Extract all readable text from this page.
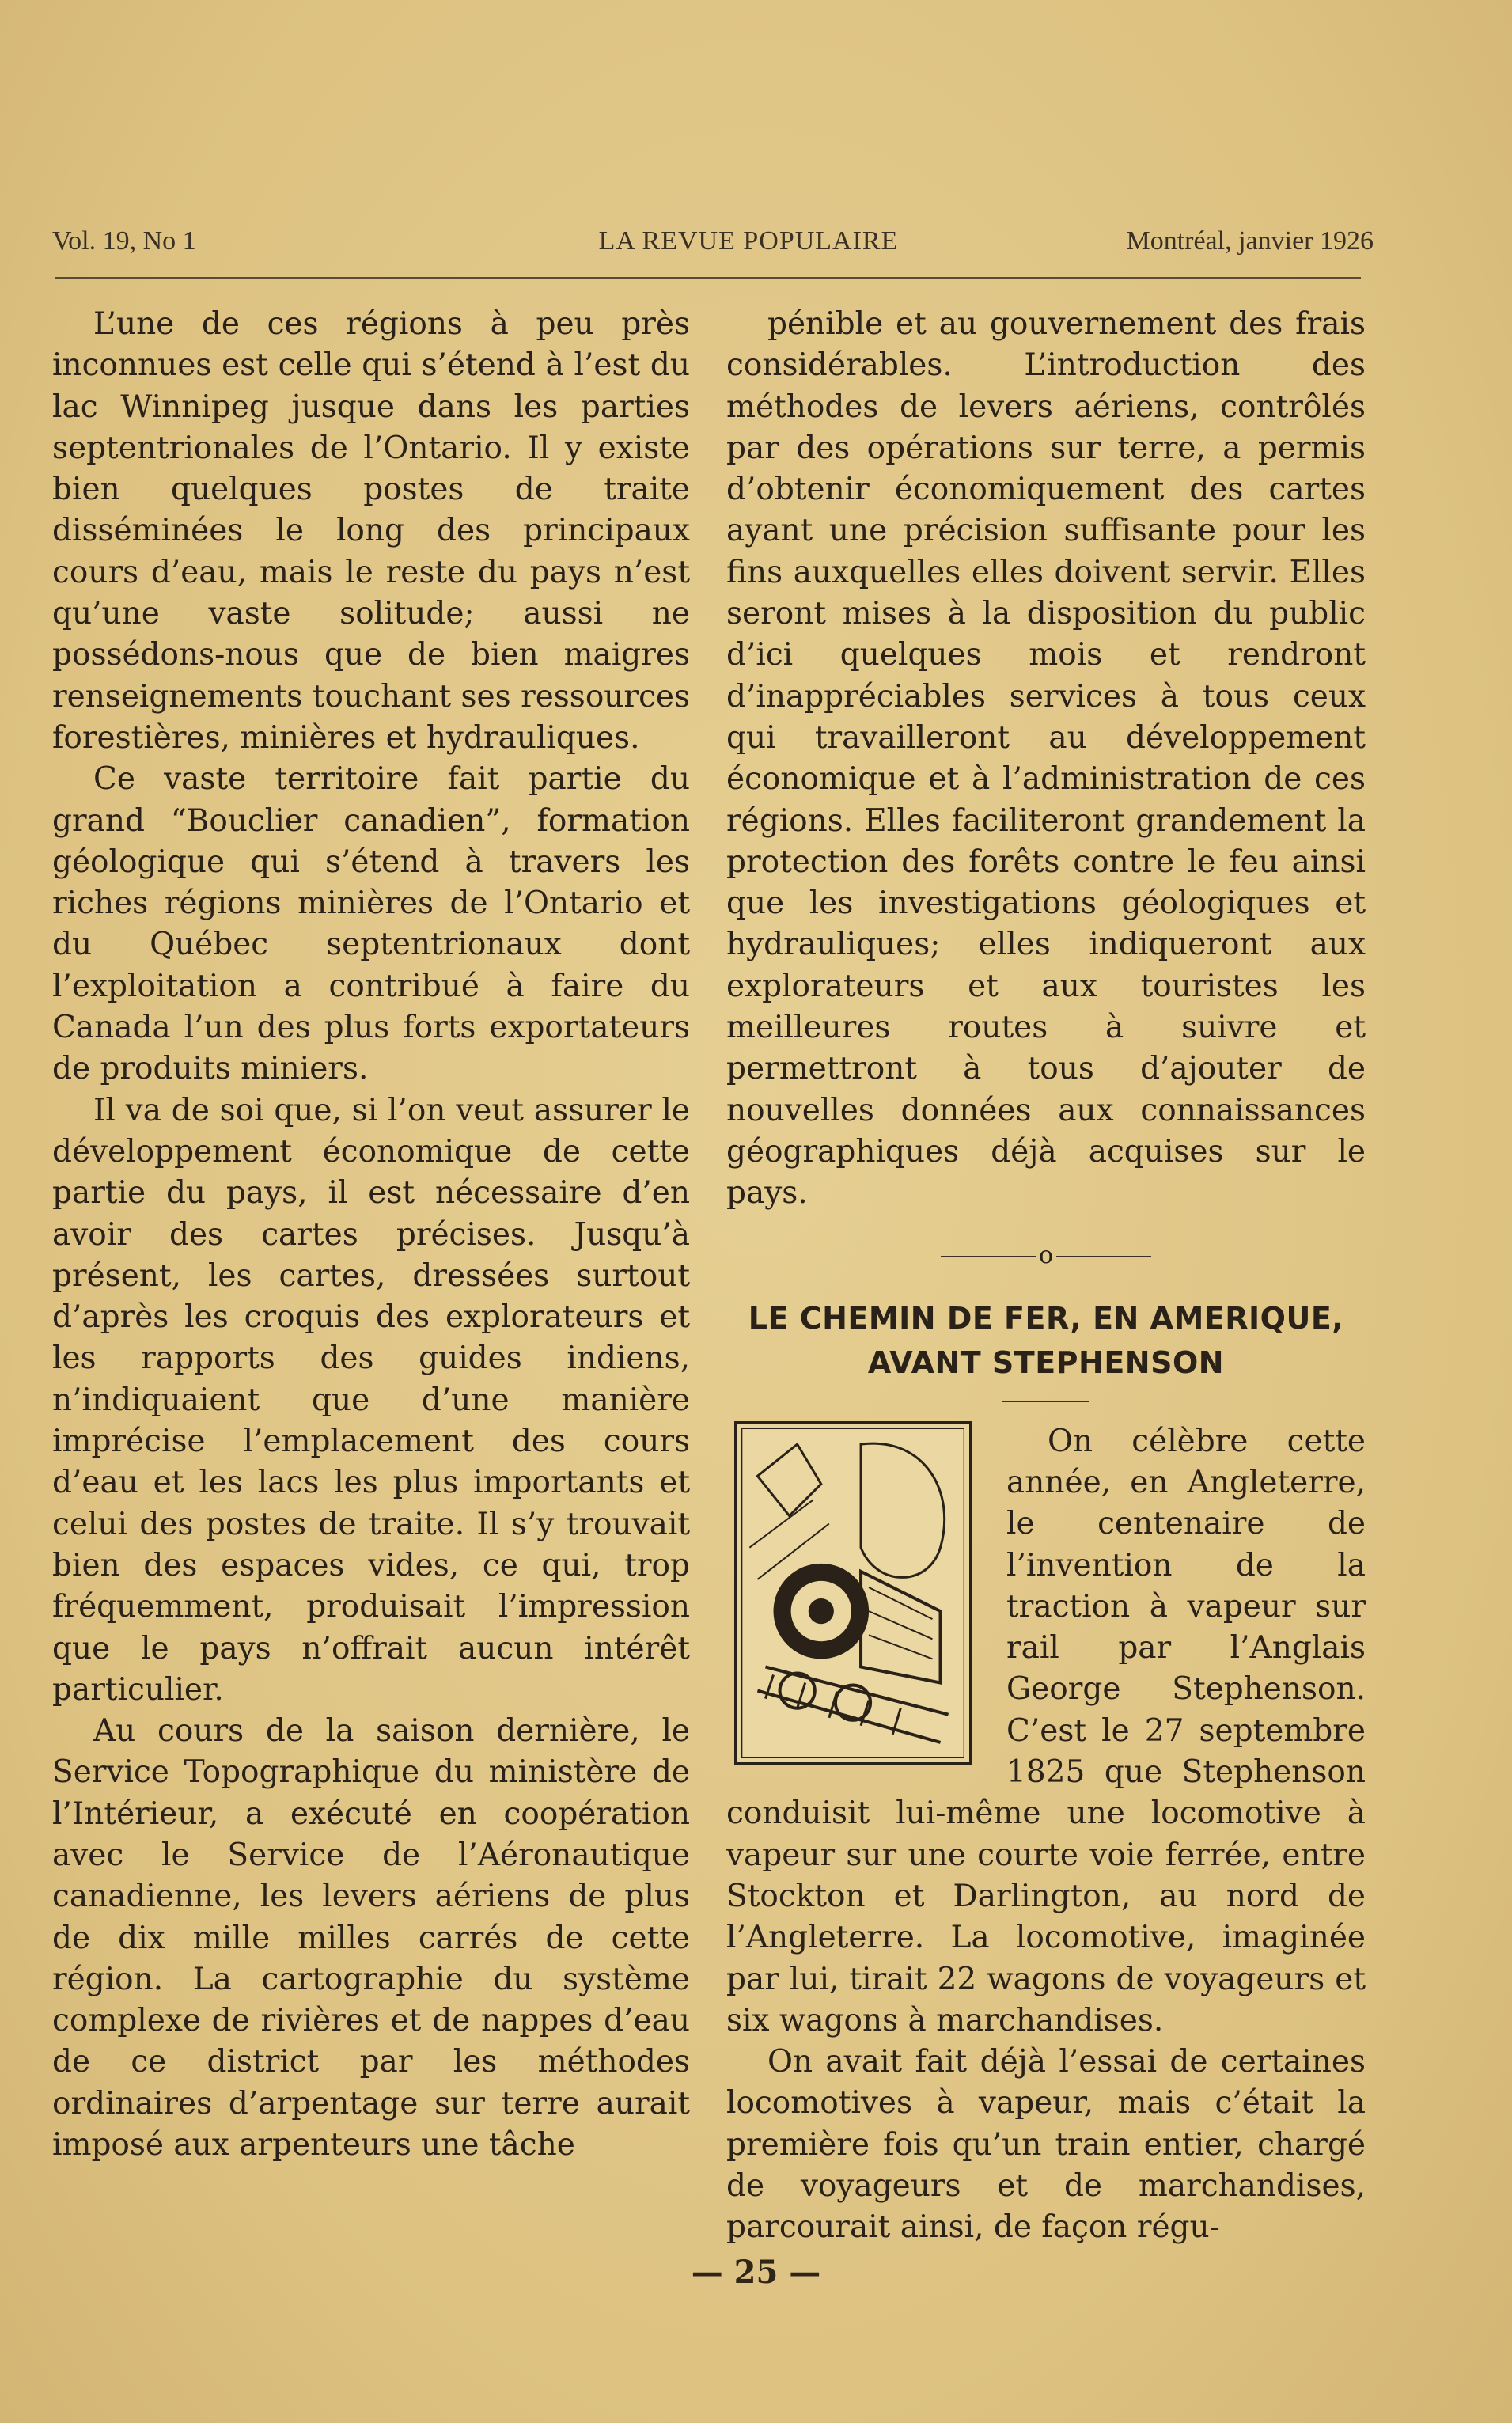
Vol. 19, No 1	LA REVUE POPULAIRE	Montréal, janvier 1926

L’une de ces régions à peu près inconnues est celle qui s’étend à l’est du lac Winnipeg jusque dans les parties septentrionales de l’Ontario. Il y existe bien quelques postes de traite disséminées le long des principaux cours d’eau, mais le reste du pays n’est qu’une vaste solitude; aussi ne possédons-nous que de bien maigres renseignements touchant ses ressources forestières, minières et hydrauliques.

Ce vaste territoire fait partie du grand “Bouclier canadien”, formation géologique qui s’étend à travers les riches régions minières de l’Ontario et du Québec septentrionaux dont l’exploitation a contribué à faire du Canada l’un des plus forts exportateurs de produits miniers.

Il va de soi que, si l’on veut assurer le développement économique de cette partie du pays, il est nécessaire d’en avoir des cartes précises. Jusqu’à présent, les cartes, dressées surtout d’après les croquis des explorateurs et les rapports des guides indiens, n’indiquaient que d’une manière imprécise l’emplacement des cours d’eau et les lacs les plus importants et celui des postes de traite. Il s’y trouvait bien des espaces vides, ce qui, trop fréquemment, produisait l’impression que le pays n’offrait aucun intérêt particulier.

Au cours de la saison dernière, le Service Topographique du ministère de l’Intérieur, a exécuté en coopération avec le Service de l’Aéronautique canadienne, les levers aériens de plus de dix mille milles carrés de cette région. La cartographie du système complexe de rivières et de nappes d’eau de ce district par les méthodes ordinaires d’arpentage sur terre aurait imposé aux arpenteurs une tâche

pénible et au gouvernement des frais considérables. L’introduction des méthodes de levers aériens, contrôlés par des opérations sur terre, a permis d’obtenir économiquement des cartes ayant une précision suffisante pour les fins auxquelles elles doivent servir. Elles seront mises à la disposition du public d’ici quelques mois et rendront d’inappréciables services à tous ceux qui travailleront au développement économique et à l’administration de ces régions. Elles faciliteront grandement la protection des forêts contre le feu ainsi que les investigations géologiques et hydrauliques; elles indiqueront aux explorateurs et aux touristes les meilleures routes à suivre et permettront à tous d’ajouter de nouvelles données aux connaissances géographiques déjà acquises sur le pays.

o
LE CHEMIN DE FER, EN AMERIQUE,
AVANT STEPHENSON

On célèbre cette année, en Angleterre, le centenaire de l’invention de la traction à vapeur sur rail par l’Anglais George Stephenson. C’est le 27 septembre 1825 que Stephenson conduisit lui-même une locomotive à vapeur sur une courte voie ferrée, entre Stockton et Darlington, au nord de l’Angleterre. La locomotive, imaginée par lui, tirait 22 wagons de voyageurs et six wagons à marchandises.

On avait fait déjà l’essai de certaines locomotives à vapeur, mais c’était la première fois qu’un train entier, chargé de voyageurs et de marchandises, parcourait ainsi, de façon régu-

— 25 —
